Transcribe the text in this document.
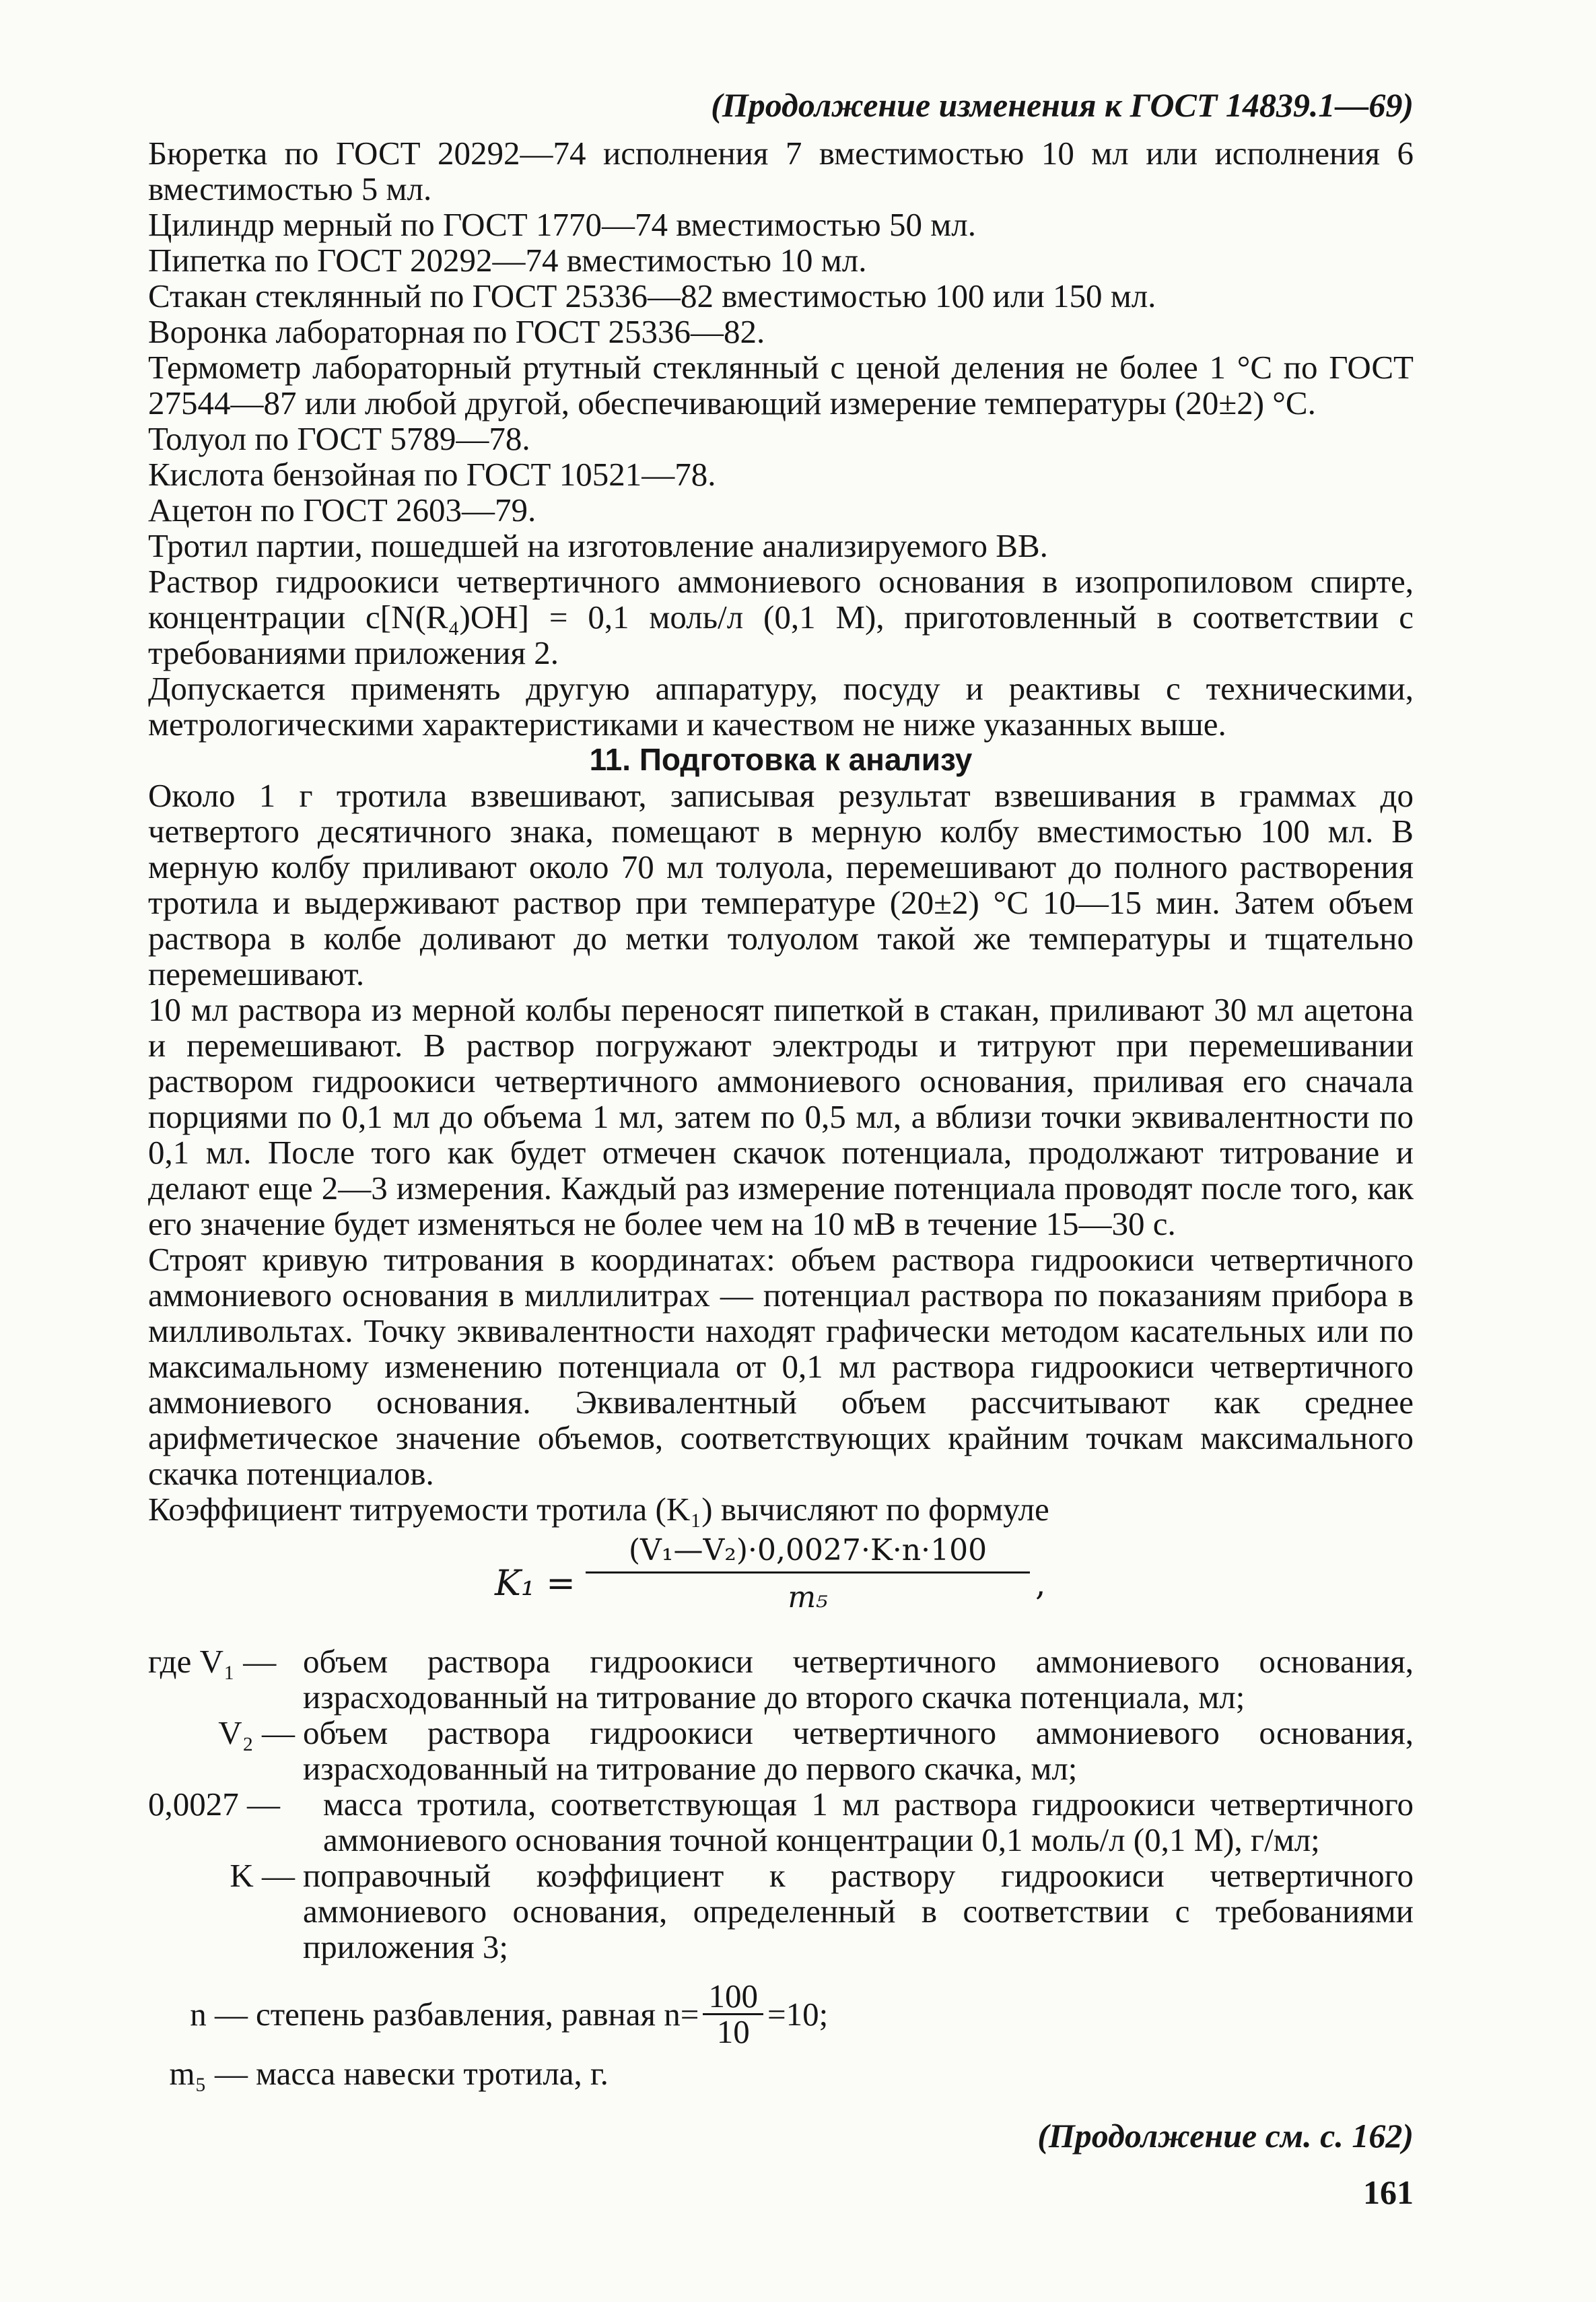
(Продолжение изменения к ГОСТ 14839.1—69)

Бюретка по ГОСТ 20292—74 исполнения 7 вместимостью 10 мл или исполнения 6 вместимостью 5 мл.

Цилиндр мерный по ГОСТ 1770—74 вместимостью 50 мл.

Пипетка по ГОСТ 20292—74 вместимостью 10 мл.

Стакан стеклянный по ГОСТ 25336—82 вместимостью 100 или 150 мл.

Воронка лабораторная по ГОСТ 25336—82.

Термометр лабораторный ртутный стеклянный с ценой деления не более 1 °С по ГОСТ 27544—87 или любой другой, обеспечивающий измерение температуры (20±2) °С.

Толуол по ГОСТ 5789—78.

Кислота бензойная по ГОСТ 10521—78.

Ацетон по ГОСТ 2603—79.

Тротил партии, пошедшей на изготовление анализируемого ВВ.

Раствор гидроокиси четвертичного аммониевого основания в изопропиловом спирте, концентрации c[N(R₄)OH] = 0,1 моль/л (0,1 М), приготовленный в соответствии с требованиями приложения 2.

Допускается применять другую аппаратуру, посуду и реактивы с техническими, метрологическими характеристиками и качеством не ниже указанных выше.

11. Подготовка к анализу

Около 1 г тротила взвешивают, записывая результат взвешивания в граммах до четвертого десятичного знака, помещают в мерную колбу вместимостью 100 мл. В мерную колбу приливают около 70 мл толуола, перемешивают до полного растворения тротила и выдерживают раствор при температуре (20±2) °С 10—15 мин. Затем объем раствора в колбе доливают до метки толуолом такой же температуры и тщательно перемешивают.

10 мл раствора из мерной колбы переносят пипеткой в стакан, приливают 30 мл ацетона и перемешивают. В раствор погружают электроды и титруют при перемешивании раствором гидроокиси четвертичного аммониевого основания, приливая его сначала порциями по 0,1 мл до объема 1 мл, затем по 0,5 мл, а вблизи точки эквивалентности по 0,1 мл. После того как будет отмечен скачок потенциала, продолжают титрование и делают еще 2—3 измерения. Каждый раз измерение потенциала проводят после того, как его значение будет изменяться не более чем на 10 мВ в течение 15—30 с.

Строят кривую титрования в координатах: объем раствора гидроокиси четвертичного аммониевого основания в миллилитрах — потенциал раствора по показаниям прибора в милливольтах. Точку эквивалентности находят графически методом касательных или по максимальному изменению потенциала от 0,1 мл раствора гидроокиси четвертичного аммониевого основания. Эквивалентный объем рассчитывают как среднее арифметическое значение объемов, соответствующих крайним точкам максимального скачка потенциалов.

Коэффициент титруемости тротила (K₁) вычисляют по формуле

K₁ =
(V₁—V₂)·0,0027·K·n·100
m₅	,
где V₁ — объем раствора гидроокиси четвертичного аммониевого основания, израсходованный на титрование до второго скачка потенциала, мл;
V₂ — объем раствора гидроокиси четвертичного аммониевого основания, израсходованный на титрование до первого скачка, мл;
0,0027 —	масса тротила, соответствующая 1 мл раствора гидроокиси четвертичного аммониевого основания точной концентрации 0,1 моль/л (0,1 М), г/мл;
K — поправочный коэффициент к раствору гидроокиси четвертичного аммониевого основания, определенный в соответствии с требованиями приложения 3;
n — степень разбавления, равная $n= \frac{100}{10} =10$;
m₅ — масса навески тротила, г.

(Продолжение см. с. 162)

161
